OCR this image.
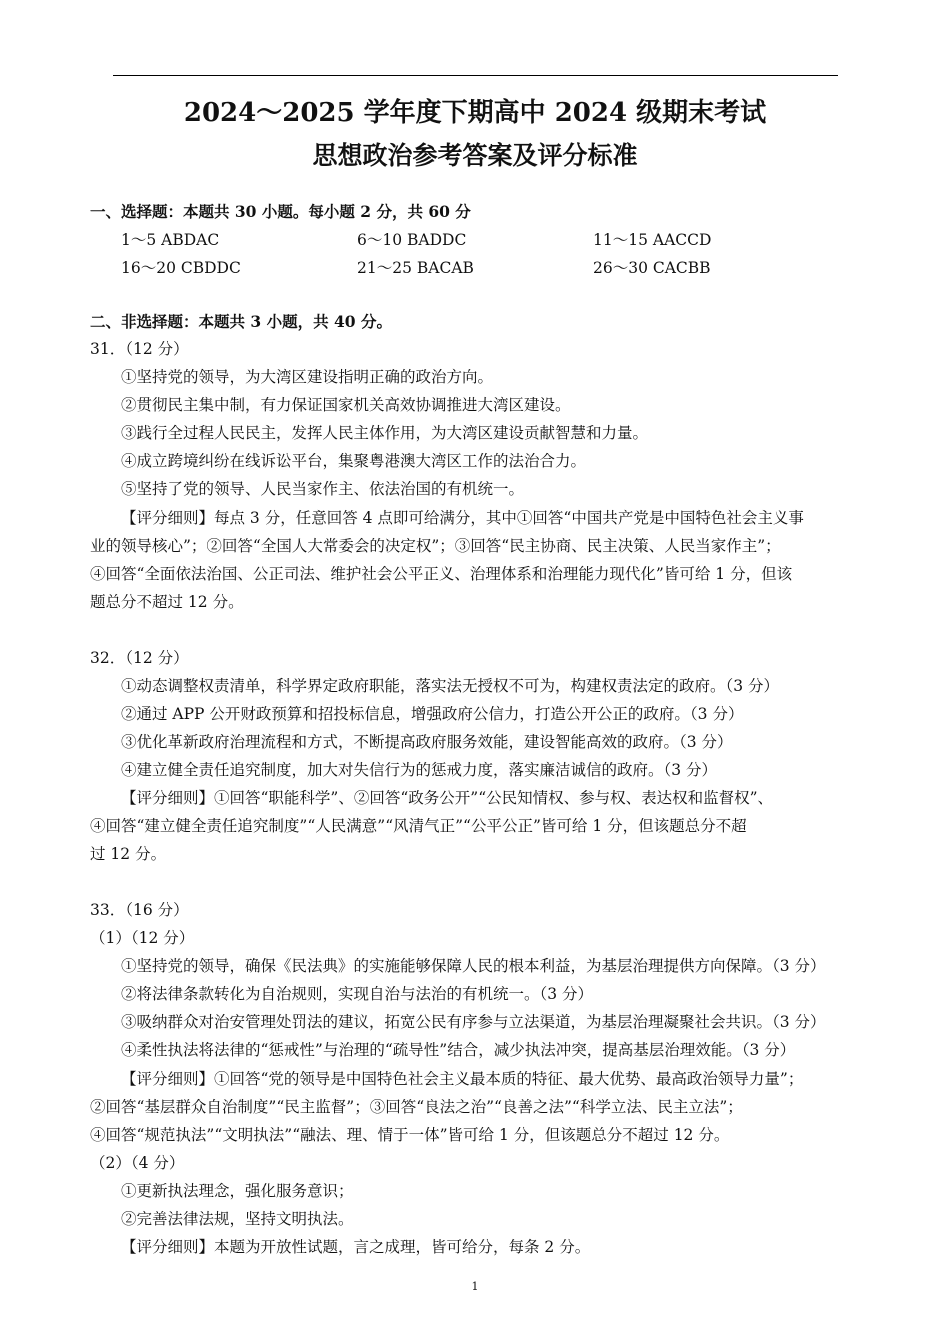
2024～2025 学年度下期高中 2024 级期末考试
思想政治参考答案及评分标准
一、选择题：本题共 30 小题。每小题 2 分，共 60 分
1～5 ABDAC	6～10 BADDC	11～15 AACCD
16～20 CBDDC	21～25 BACAB	26～30 CACBB
二、非选择题：本题共 3 小题，共 40 分。
31．（12 分）
①坚持党的领导，为大湾区建设指明正确的政治方向。
②贯彻民主集中制，有力保证国家机关高效协调推进大湾区建设。
③践行全过程人民民主，发挥人民主体作用，为大湾区建设贡献智慧和力量。
④成立跨境纠纷在线诉讼平台，集聚粤港澳大湾区工作的法治合力。
⑤坚持了党的领导、人民当家作主、依法治国的有机统一。
【评分细则】每点 3 分，任意回答 4 点即可给满分，其中①回答“中国共产党是中国特色社会主义事
业的领导核心”；②回答“全国人大常委会的决定权”；③回答“民主协商、民主决策、人民当家作主”；
④回答“全面依法治国、公正司法、维护社会公平正义、治理体系和治理能力现代化”皆可给 1 分，但该
题总分不超过 12 分。
32．（12 分）
①动态调整权责清单，科学界定政府职能，落实法无授权不可为，构建权责法定的政府。（3 分）
②通过 APP 公开财政预算和招投标信息，增强政府公信力，打造公开公正的政府。（3 分）
③优化革新政府治理流程和方式，不断提高政府服务效能，建设智能高效的政府。（3 分）
④建立健全责任追究制度，加大对失信行为的惩戒力度，落实廉洁诚信的政府。（3 分）
【评分细则】①回答“职能科学”、②回答“政务公开”“公民知情权、参与权、表达权和监督权”、
④回答“建立健全责任追究制度”“人民满意”“风清气正”“公平公正”皆可给 1 分，但该题总分不超
过 12 分。
33．（16 分）
（1）（12 分）
①坚持党的领导，确保《民法典》的实施能够保障人民的根本利益，为基层治理提供方向保障。（3 分）
②将法律条款转化为自治规则，实现自治与法治的有机统一。（3 分）
③吸纳群众对治安管理处罚法的建议，拓宽公民有序参与立法渠道，为基层治理凝聚社会共识。（3 分）
④柔性执法将法律的“惩戒性”与治理的“疏导性”结合，减少执法冲突，提高基层治理效能。（3 分）
【评分细则】①回答“党的领导是中国特色社会主义最本质的特征、最大优势、最高政治领导力量”；
②回答“基层群众自治制度”“民主监督”；③回答“良法之治”“良善之法”“科学立法、民主立法”；
④回答“规范执法”“文明执法”“融法、理、情于一体”皆可给 1 分，但该题总分不超过 12 分。
（2）（4 分）
①更新执法理念，强化服务意识；
②完善法律法规，坚持文明执法。
【评分细则】本题为开放性试题，言之成理，皆可给分，每条 2 分。
1
